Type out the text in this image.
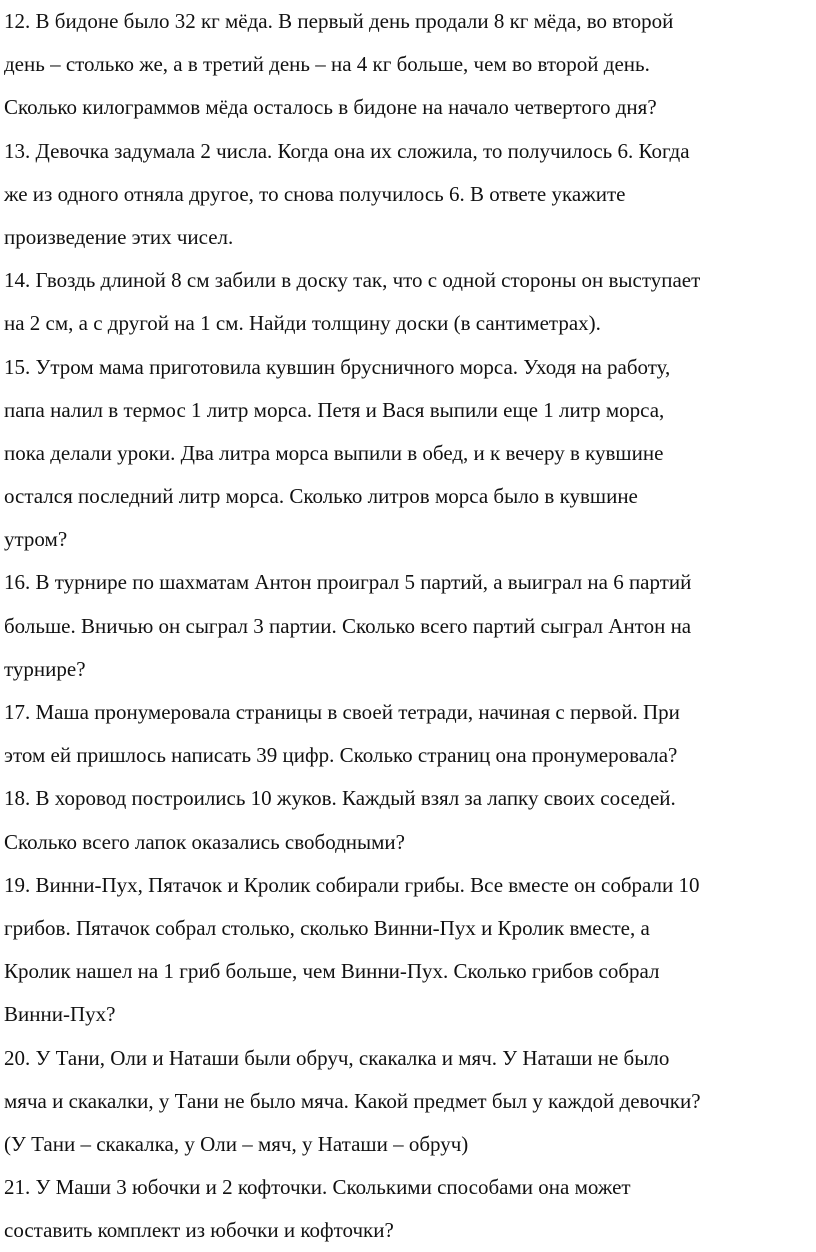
12. В бидоне было 32 кг мёда. В первый день продали 8 кг мёда, во второй
день – столько же, а в третий день – на 4 кг больше, чем во второй день.
Сколько килограммов мёда осталось в бидоне на начало четвертого дня?
13. Девочка задумала 2 числа. Когда она их сложила, то получилось 6. Когда
же из одного отняла другое, то снова получилось 6. В ответе укажите
произведение этих чисел.
14. Гвоздь длиной 8 см забили в доску так, что с одной стороны он выступает
на 2 см, а с другой на 1 см. Найди толщину доски (в сантиметрах).
15. Утром мама приготовила кувшин брусничного морса. Уходя на работу,
папа налил в термос 1 литр морса. Петя и Вася выпили еще 1 литр морса,
пока делали уроки. Два литра морса выпили в обед, и к вечеру в кувшине
остался последний литр морса. Сколько литров морса было в кувшине
утром?
16. В турнире по шахматам Антон проиграл 5 партий, а выиграл на 6 партий
больше. Вничью он сыграл 3 партии. Сколько всего партий сыграл Антон на
турнире?
17. Маша пронумеровала страницы в своей тетради, начиная с первой. При
этом ей пришлось написать 39 цифр. Сколько страниц она пронумеровала?
18. В хоровод построились 10 жуков. Каждый взял за лапку своих соседей.
Сколько всего лапок оказались свободными?
19. Винни-Пух, Пятачок и Кролик собирали грибы. Все вместе он собрали 10
грибов. Пятачок собрал столько, сколько Винни-Пух и Кролик вместе, а
Кролик нашел на 1 гриб больше, чем Винни-Пух. Сколько грибов собрал
Винни-Пух?
20. У Тани, Оли и Наташи были обруч, скакалка и мяч. У Наташи не было
мяча и скакалки, у Тани не было мяча. Какой предмет был у каждой девочки?
(У Тани – скакалка, у Оли – мяч, у Наташи – обруч)
21. У Маши 3 юбочки и 2 кофточки. Сколькими способами она может
составить комплект из юбочки и кофточки?
